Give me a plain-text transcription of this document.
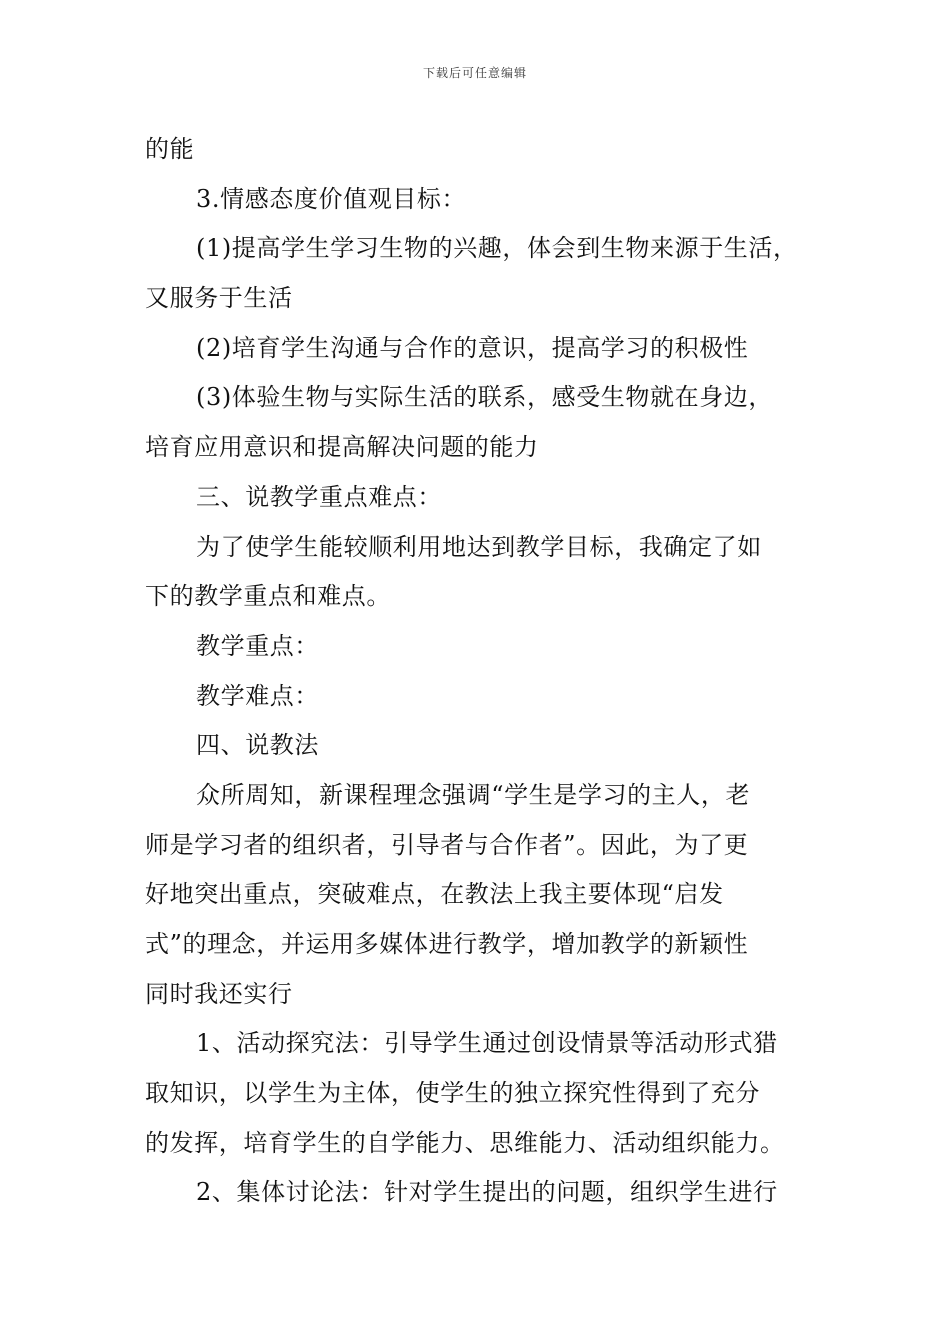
下载后可任意编辑
的能
3.情感态度价值观目标：
(1)提高学生学习生物的兴趣，体会到生物来源于生活，
又服务于生活
(2)培育学生沟通与合作的意识，提高学习的积极性
(3)体验生物与实际生活的联系，感受生物就在身边，
培育应用意识和提高解决问题的能力
三、说教学重点难点：
为了使学生能较顺利用地达到教学目标，我确定了如
下的教学重点和难点。
教学重点：
教学难点：
四、说教法
众所周知，新课程理念强调“学生是学习的主人，老
师是学习者的组织者，引导者与合作者”。因此，为了更
好地突出重点，突破难点，在教法上我主要体现“启发
式”的理念，并运用多媒体进行教学，增加教学的新颖性
同时我还实行
1、活动探究法：引导学生通过创设情景等活动形式猎
取知识，以学生为主体，使学生的独立探究性得到了充分
的发挥，培育学生的自学能力、思维能力、活动组织能力。
2、集体讨论法：针对学生提出的问题，组织学生进行
